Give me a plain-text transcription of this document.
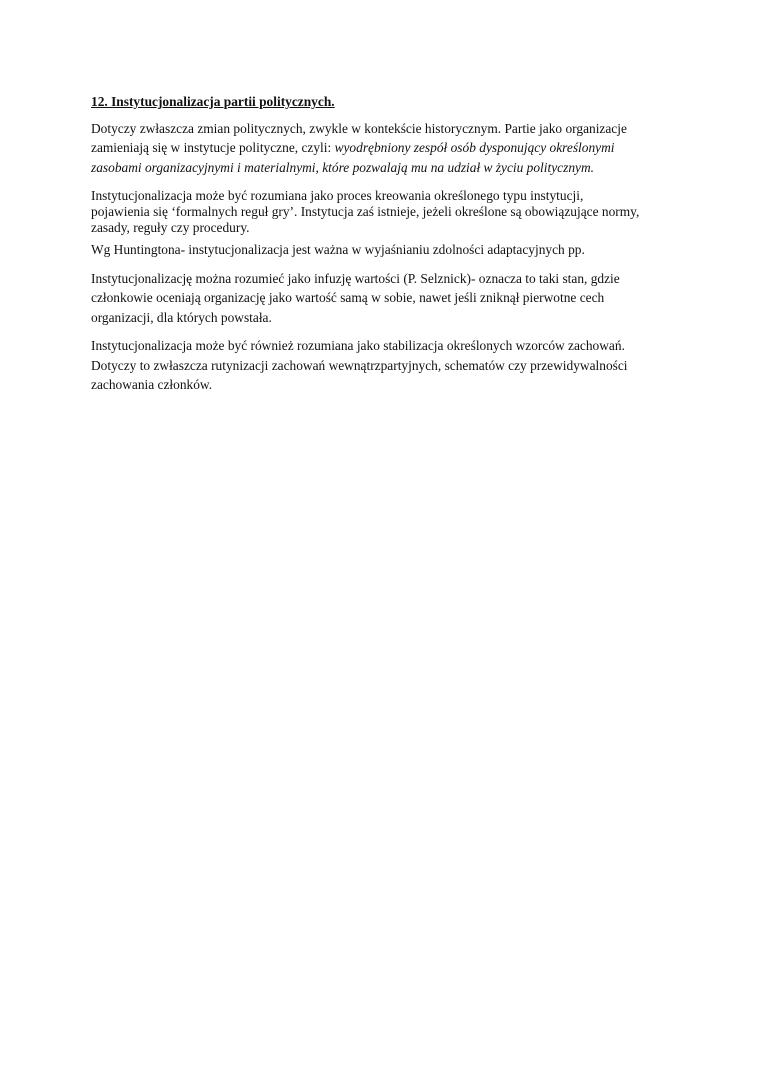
12. Instytucjonalizacja partii politycznych.

Dotyczy zwłaszcza zmian politycznych, zwykle w kontekście historycznym. Partie jako organizacje
zamieniają się w instytucje polityczne, czyli: wyodrębniony zespół osób dysponujący określonymi
zasobami organizacyjnymi i materialnymi, które pozwalają mu na udział w życiu politycznym.

Instytucjonalizacja może być rozumiana jako proces kreowania określonego typu instytucji,
pojawienia się ‘formalnych reguł gry’. Instytucja zaś istnieje, jeżeli określone są obowiązujące normy,
zasady, reguły czy procedury.

Wg Huntingtona- instytucjonalizacja jest ważna w wyjaśnianiu zdolności adaptacyjnych pp.

Instytucjonalizację można rozumieć jako infuzję wartości (P. Selznick)- oznacza to taki stan, gdzie
członkowie oceniają organizację jako wartość samą w sobie, nawet jeśli zniknął pierwotne cech
organizacji, dla których powstała.

Instytucjonalizacja może być również rozumiana jako stabilizacja określonych wzorców zachowań.
Dotyczy to zwłaszcza rutynizacji zachowań wewnątrzpartyjnych, schematów czy przewidywalności
zachowania członków.
